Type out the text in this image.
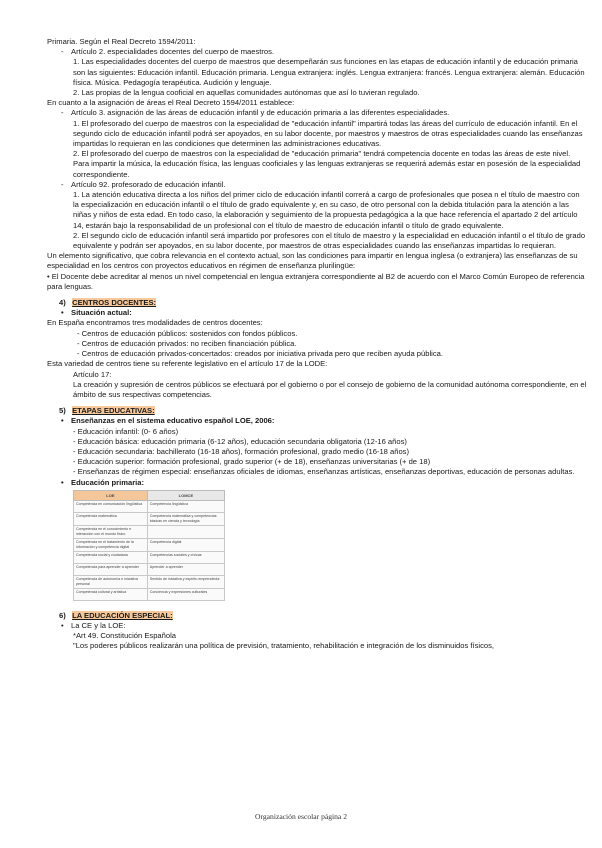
Primaria. Según el Real Decreto 1594/2011:

- Artículo 2. especialidades docentes del cuerpo de maestros.

1. Las especialidades docentes del cuerpo de maestros que desempeñarán sus funciones en las etapas de educación infantil y de educación primaria son las siguientes: Educación infantil. Educación primaria. Lengua extranjera: inglés. Lengua extranjera: francés. Lengua extranjera: alemán. Educación física. Música. Pedagogía terapéutica. Audición y lenguaje.

2. Las propias de la lengua cooficial en aquellas comunidades autónomas que así lo tuvieran regulado.

En cuanto a la asignación de áreas el Real Decreto 1594/2011 establece:

- Artículo 3. asignación de las áreas de educación infantil y de educación primaria a las diferentes especialidades.

1. El profesorado del cuerpo de maestros con la especialidad de "educación infantil" impartirá todas las áreas del currículo de educación infantil. En el segundo ciclo de educación infantil podrá ser apoyados, en su labor docente, por maestros y maestros de otras especialidades cuando las enseñanzas impartidas lo requieran en las condiciones que determinen las administraciones educativas.

2. El profesorado del cuerpo de maestros con la especialidad de "educación primaria" tendrá competencia docente en todas las áreas de este nivel. Para impartir la música, la educación física, las lenguas cooficiales y las lenguas extranjeras se requerirá además estar en posesión de la especialidad correspondiente.

- Artículo 92. profesorado de educación infantil.

1. La atención educativa directa a los niños del primer ciclo de educación infantil correrá a cargo de profesionales que posea n el título de maestro con la especialización en educación infantil o el título de grado equivalente y, en su caso, de otro personal con la debida titulación para la atención a las niñas y niños de esta edad. En todo caso, la elaboración y seguimiento de la propuesta pedagógica a la que hace referencia el apartado 2 del artículo 14, estarán bajo la responsabilidad de un profesional con el título de maestro de educación infantil o título de grado equivalente.

2. El segundo ciclo de educación infantil será impartido por profesores con el título de maestro y la especialidad en educación infantil o el título de grado equivalente y podrán ser apoyados, en su labor docente, por maestros de otras especialidades cuando las enseñanzas impartidas lo requieran.

Un elemento significativo, que cobra relevancia en el contexto actual, son las condiciones para impartir en lengua inglesa (o extranjera) las enseñanzas de su especialidad en los centros con proyectos educativos en régimen de enseñanza plurilingüe:

• El Docente debe acreditar al menos un nivel competencial en lengua extranjera correspondiente al B2 de acuerdo con el Marco Común Europeo de referencia para lenguas.

4) CENTROS DOCENTES:

• Situación actual:

En España encontramos tres modalidades de centros docentes:

- Centros de educación públicos: sostenidos con fondos públicos.

- Centros de educación privados: no reciben financiación pública.

- Centros de educación privados-concertados: creados por iniciativa privada pero que reciben ayuda pública.

Esta variedad de centros tiene su referente legislativo en el artículo 17 de la LODE:

Artículo 17:

La creación y supresión de centros públicos se efectuará por el gobierno o por el consejo de gobierno de la comunidad autónoma correspondiente, en el ámbito de sus respectivas competencias.

5) ETAPAS EDUCATIVAS:

• Enseñanzas en el sistema educativo español LOE, 2006:

- Educación infantil: (0- 6 años)

- Educación básica: educación primaria (6-12 años), educación secundaria obligatoria (12-16 años)

- Educación secundaria: bachillerato (16-18 años), formación profesional, grado medio (16-18 años)

- Educación superior: formación profesional, grado superior (+ de 18), enseñanzas universitarias (+ de 18)

- Enseñanzas de régimen especial: enseñanzas oficiales de idiomas, enseñanzas artísticas, enseñanzas deportivas, educación de personas adultas.

• Educación primaria:

LOE	LOMCE
Competencia en comunicación lingüística	Competencia lingüística
Competencia matemática	Competencia matemática y competencias básicas en ciencia y tecnología
Competencia en el conocimiento e interacción con el mundo físico	
Competencia en el tratamiento de la información y competencia digital	Competencia digital
Competencia social y ciudadana	Competencias sociales y cívicas
Competencia para aprender a aprender	Aprender a aprender
Competencia de autonomía e iniciativa personal	Sentido de iniciativa y espíritu emprendedor
Competencia cultural y artística	Conciencia y expresiones culturales

6) LA EDUCACIÓN ESPECIAL:

• La CE y la LOE:

*Art 49. Constitución Española

"Los poderes públicos realizarán una política de previsión, tratamiento, rehabilitación e integración de los disminuidos físicos,

Organización escolar página 2
